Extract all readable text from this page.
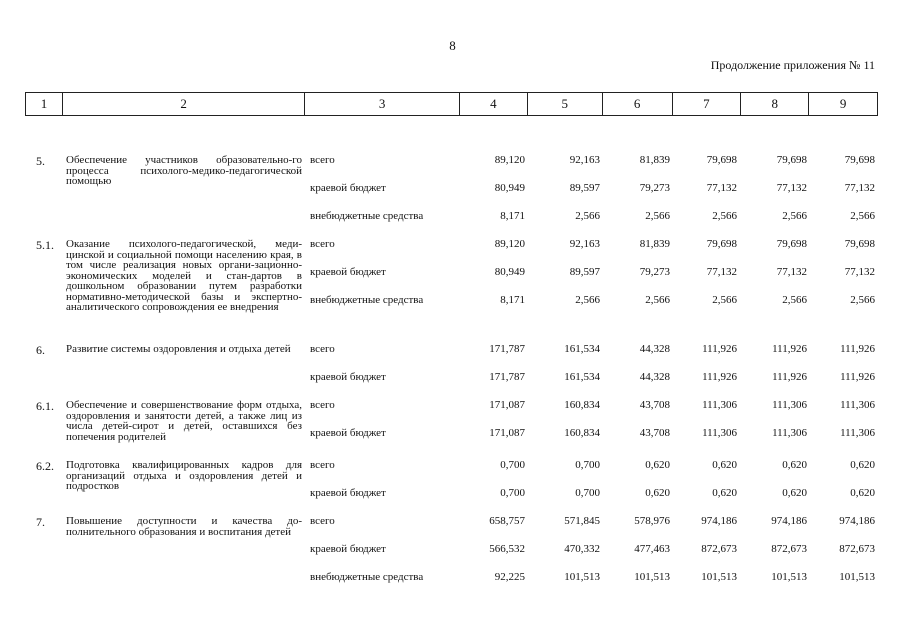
8
Продолжение приложения № 11
1	2	3	4	5	6	7	8	9
5. Обеспечение участников образовательно-го процесса психолого-медико-педагогической помощью
всего	89,120	92,163	81,839	79,698	79,698	79,698
краевой бюджет	80,949	89,597	79,273	77,132	77,132	77,132
внебюджетные средства	8,171	2,566	2,566	2,566	2,566	2,566
5.1. Оказание психолого-педагогической, меди-цинской и социальной помощи населению края, в том числе реализация новых органи-зационно-экономических моделей и стан-дартов в дошкольном образовании путем разработки нормативно-методической базы и экспертно-аналитического сопровождения ее внедрения
всего	89,120	92,163	81,839	79,698	79,698	79,698
краевой бюджет	80,949	89,597	79,273	77,132	77,132	77,132
внебюджетные средства	8,171	2,566	2,566	2,566	2,566	2,566
6. Развитие системы оздоровления и отдыха детей	всего	171,787	161,534	44,328	111,926	111,926	111,926
краевой бюджет	171,787	161,534	44,328	111,926	111,926	111,926
6.1. Обеспечение и совершенствование форм отдыха, оздоровления и занятости детей, а также лиц из числа детей-сирот и детей, оставшихся без попечения родителей
всего	171,087	160,834	43,708	111,306	111,306	111,306
краевой бюджет	171,087	160,834	43,708	111,306	111,306	111,306
6.2. Подготовка квалифицированных кадров для организаций отдыха и оздоровления детей и подростков
всего	0,700	0,700	0,620	0,620	0,620	0,620
краевой бюджет	0,700	0,700	0,620	0,620	0,620	0,620
7. Повышение доступности и качества до-полнительного образования и воспитания детей
всего	658,757	571,845	578,976	974,186	974,186	974,186
краевой бюджет	566,532	470,332	477,463	872,673	872,673	872,673
внебюджетные средства	92,225	101,513	101,513	101,513	101,513	101,513
